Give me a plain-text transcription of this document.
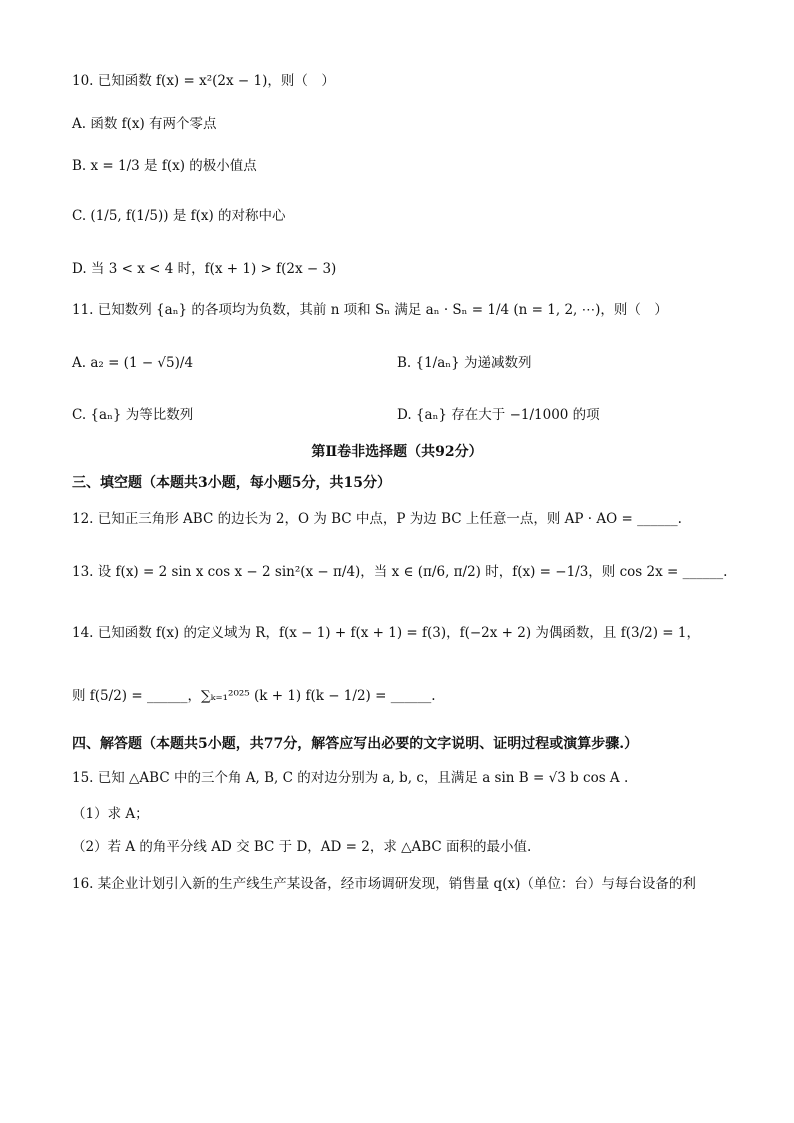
10. 已知函数 f(x) = x²(2x − 1)，则（　）
A. 函数 f(x) 有两个零点
B. x = 1/3 是 f(x) 的极小值点
C. (1/5, f(1/5)) 是 f(x) 的对称中心
D. 当 3 < x < 4 时，f(x + 1) > f(2x − 3)
11. 已知数列 {aₙ} 的各项均为负数，其前 n 项和 Sₙ 满足 aₙ · Sₙ = 1/4 (n = 1, 2, ⋯)，则（　）
A. a₂ = (1 − √5)/4	B. {1/aₙ} 为递减数列
C. {aₙ} 为等比数列	D. {aₙ} 存在大于 −1/1000 的项
第Ⅱ卷非选择题（共92分）
三、填空题（本题共3小题，每小题5分，共15分）
12. 已知正三角形 ABC 的边长为 2，O 为 BC 中点，P 为边 BC 上任意一点，则 AP · AO = ______.
13. 设 f(x) = 2 sin x cos x − 2 sin²(x − π/4)，当 x ∈ (π/6, π/2) 时，f(x) = −1/3，则 cos 2x = ______.
14. 已知函数 f(x) 的定义域为 R，f(x − 1) + f(x + 1) = f(3)，f(−2x + 2) 为偶函数，且 f(3/2) = 1，
则 f(5/2) = ______，∑ₖ₌₁²⁰²⁵ (k + 1) f(k − 1/2) = ______.
四、解答题（本题共5小题，共77分，解答应写出必要的文字说明、证明过程或演算步骤.）
15. 已知 △ABC 中的三个角 A, B, C 的对边分别为 a, b, c，且满足 a sin B = √3 b cos A .
（1）求 A；
（2）若 A 的角平分线 AD 交 BC 于 D，AD = 2，求 △ABC 面积的最小值.
16. 某企业计划引入新的生产线生产某设备，经市场调研发现，销售量 q(x)（单位：台）与每台设备的利
